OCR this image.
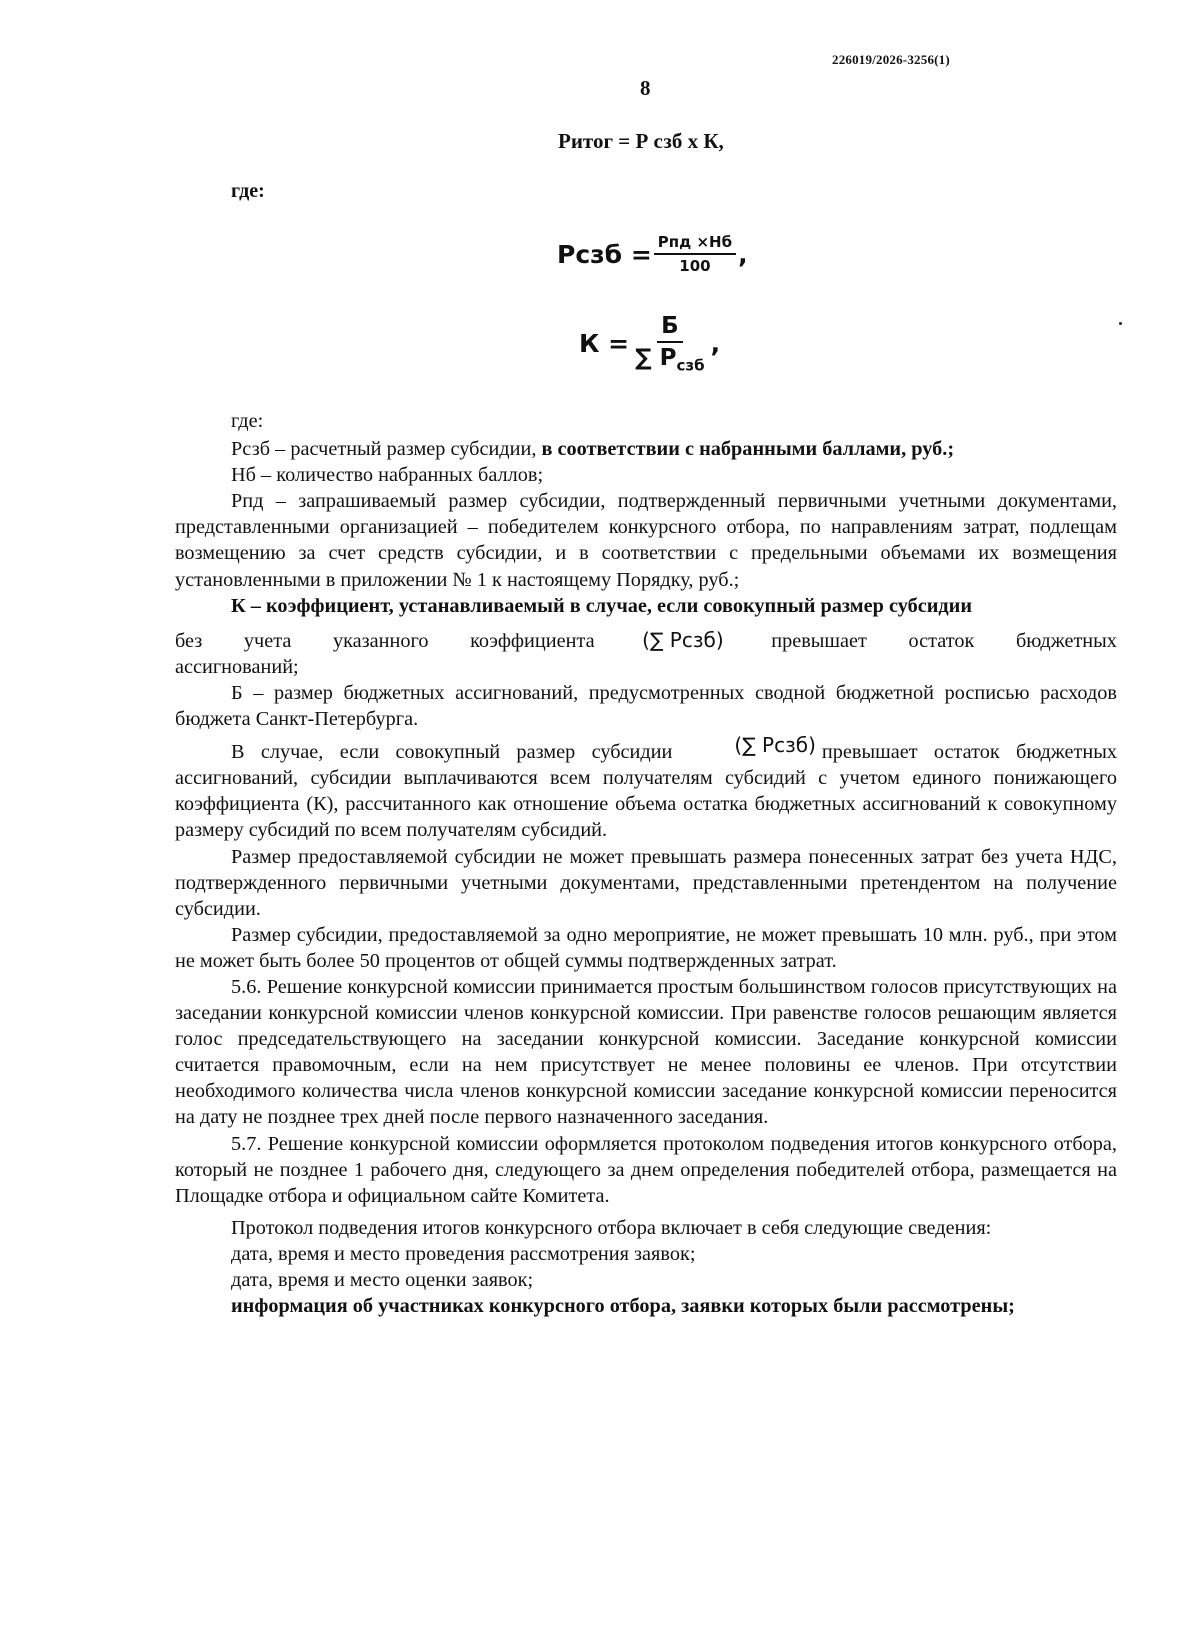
226019/2026-3256(1)
8
Ритог = Р сзб х К,
где:
Рсзб = $\frac{\text{Рпд ×Нб}}{100}$ ,
$К = \frac{Б}{\sum Р_{сзб}}$ ,

где:

Рсзб – расчетный размер субсидии, в соответствии с набранными баллами, руб.;

Нб – количество набранных баллов;

Рпд – запрашиваемый размер субсидии, подтвержденный первичными учетными документами, представленными организацией – победителем конкурсного отбора, по направлениям затрат, подлещам возмещению за счет средств субсидии, и в соответствии с предельными объемами их возмещения установленными в приложении № 1 к настоящему Порядку, руб.;

К – коэффициент, устанавливаемый в случае, если совокупный размер субсидии

без учета указанного коэффициента (∑ Рсзб) превышает остаток бюджетных

ассигнований;

Б – размер бюджетных ассигнований, предусмотренных сводной бюджетной росписью расходов бюджета Санкт-Петербурга.

В случае, если совокупный размер субсидии	(∑ Рсзб) превышает остаток бюджетных ассигнований, субсидии выплачиваются всем получателям субсидий с учетом единого понижающего коэффициента (К), рассчитанного как отношение объема остатка бюджетных ассигнований к совокупному размеру субсидий по всем получателям субсидий.

Размер предоставляемой субсидии не может превышать размера понесенных затрат без учета НДС, подтвержденного первичными учетными документами, представленными претендентом на получение субсидии.

Размер субсидии, предоставляемой за одно мероприятие, не может превышать 10 млн. руб., при этом не может быть более 50 процентов от общей суммы подтвержденных затрат.

5.6. Решение конкурсной комиссии принимается простым большинством голосов присутствующих на заседании конкурсной комиссии членов конкурсной комиссии. При равенстве голосов решающим является голос председательствующего на заседании конкурсной комиссии. Заседание конкурсной комиссии считается правомочным, если на нем присутствует не менее половины ее членов. При отсутствии необходимого количества числа членов конкурсной комиссии заседание конкурсной комиссии переносится на дату не позднее трех дней после первого назначенного заседания.

5.7. Решение конкурсной комиссии оформляется протоколом подведения итогов конкурсного отбора, который не позднее 1 рабочего дня, следующего за днем определения победителей отбора, размещается на Площадке отбора и официальном сайте Комитета.

Протокол подведения итогов конкурсного отбора включает в себя следующие сведения:

дата, время и место проведения рассмотрения заявок;

дата, время и место оценки заявок;

информация об участниках конкурсного отбора, заявки которых были рассмотрены;
